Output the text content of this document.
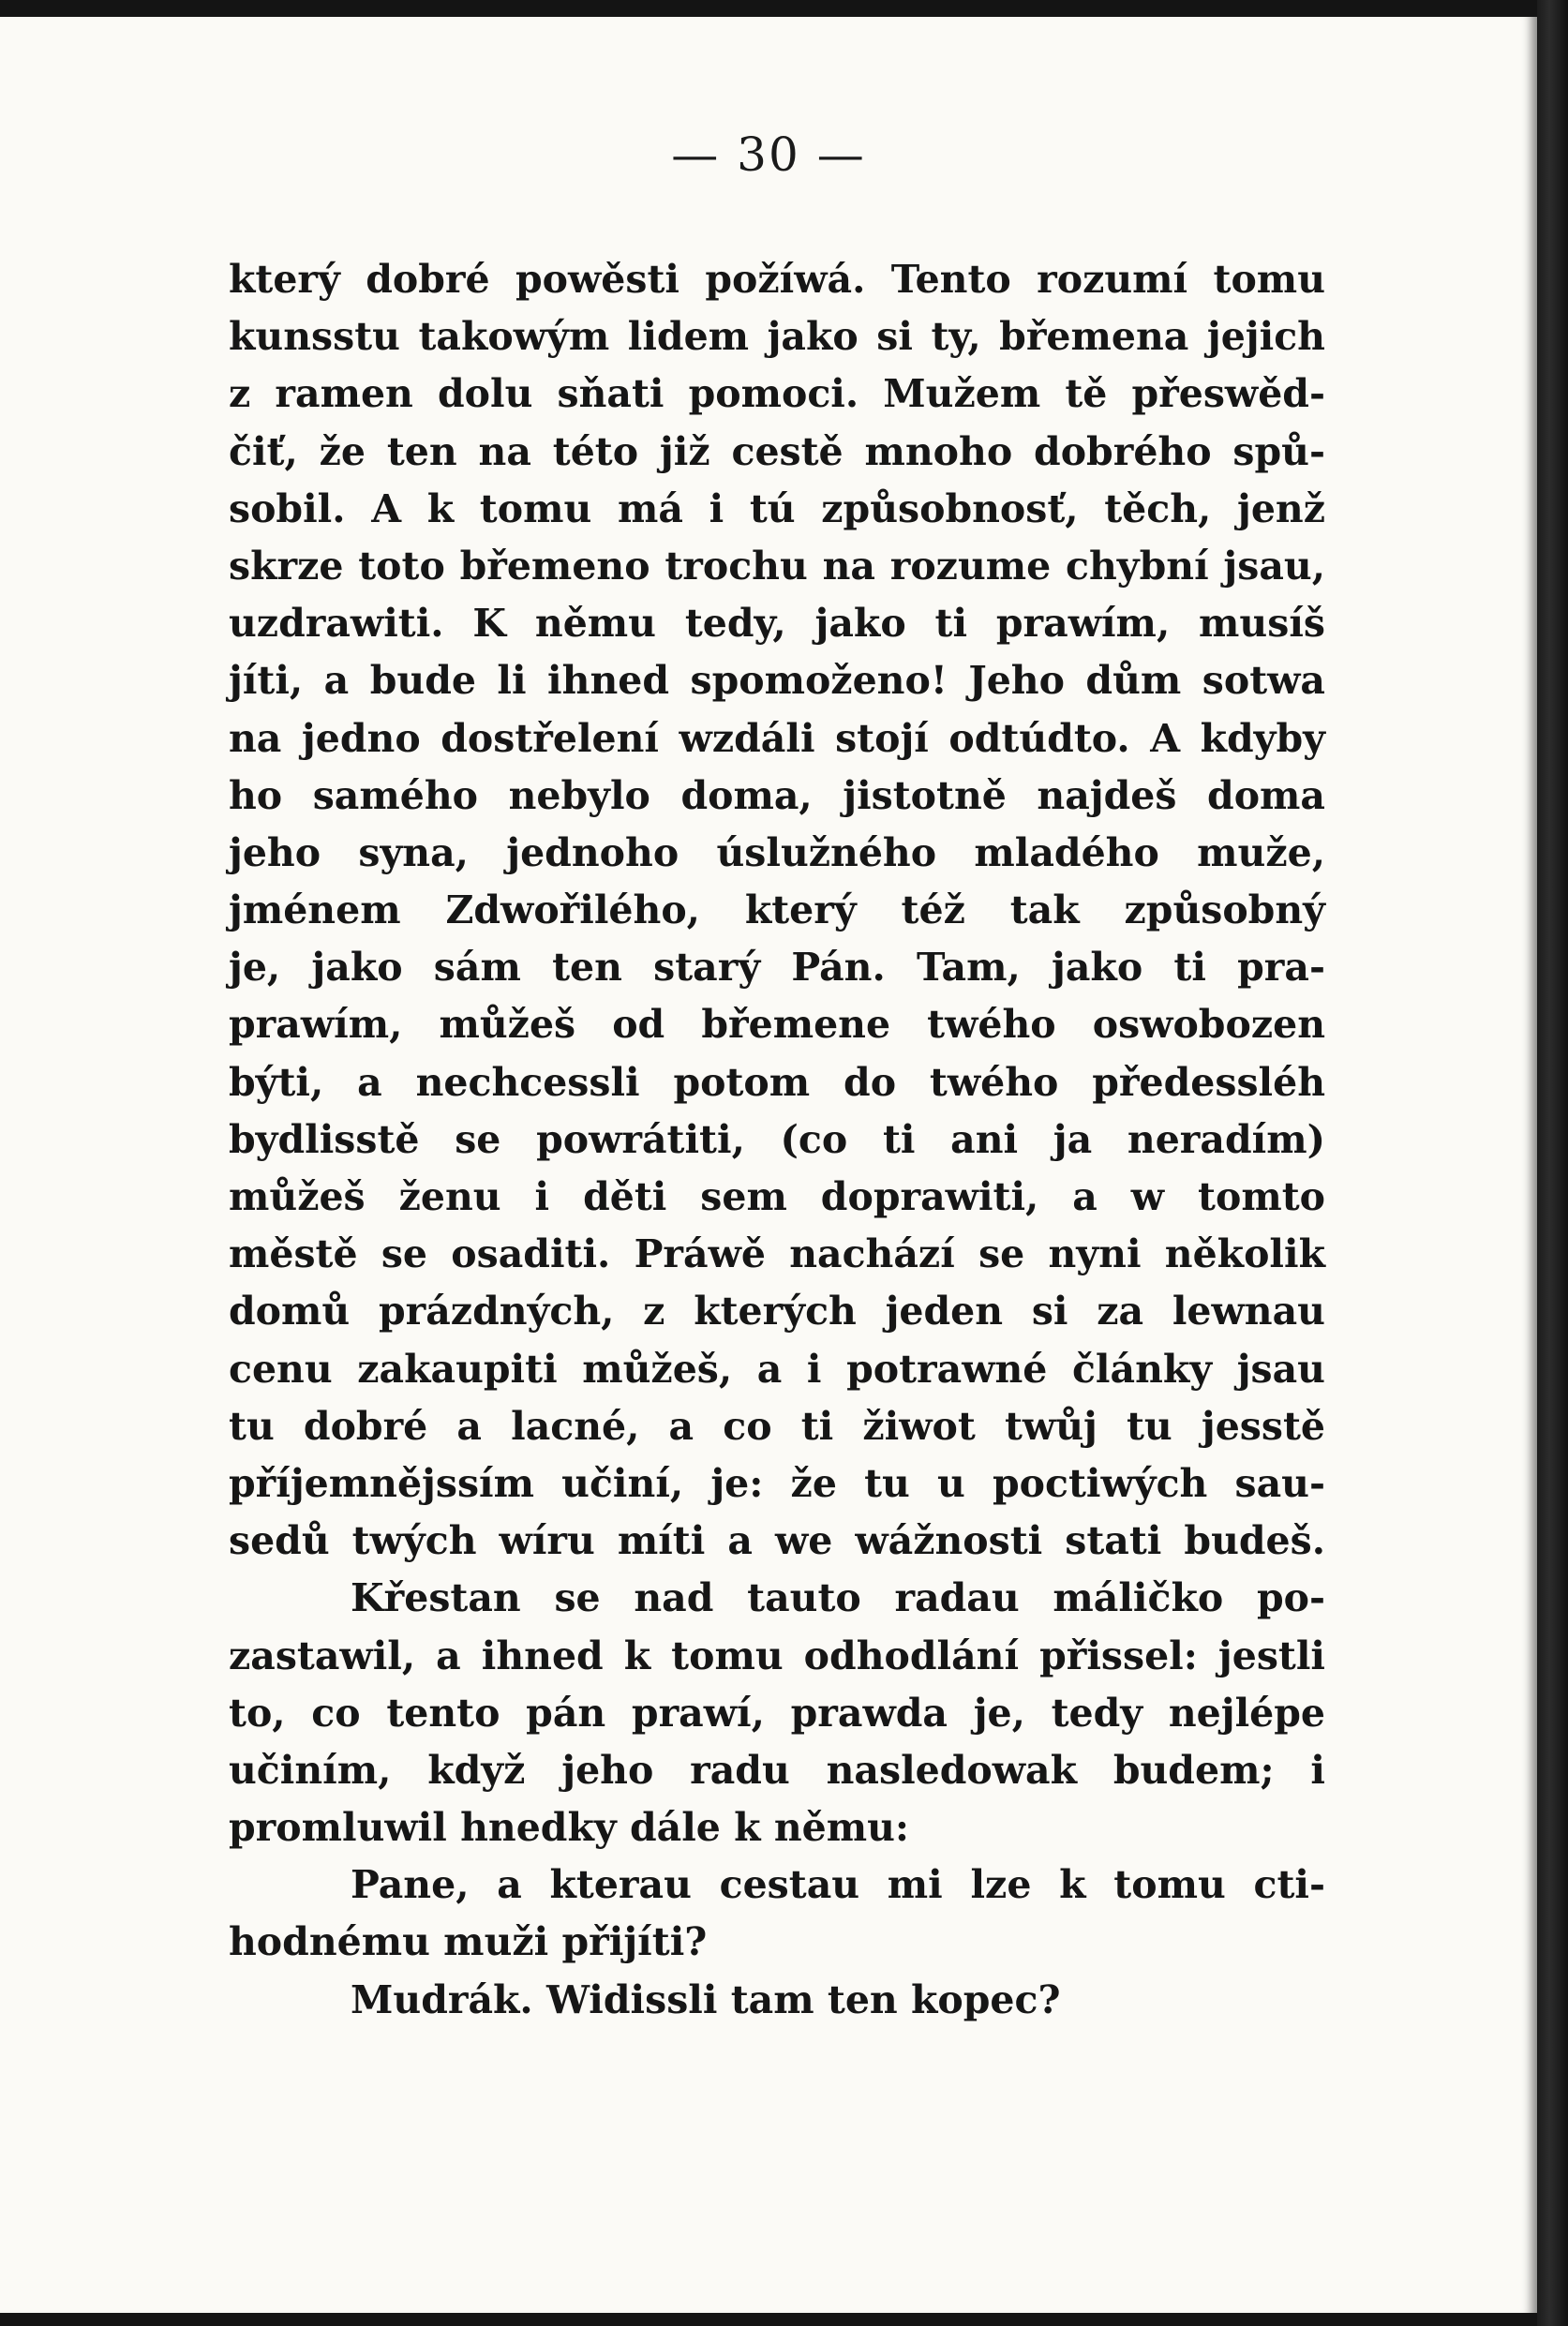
— 30 —
který dobré powěsti požíwá. Tento rozumí tomu
kunsstu takowým lidem jako si ty, břemena jejich
z ramen dolu sňati pomoci. Mužem tě přeswěd-
čiť, že ten na této již cestě mnoho dobrého spů-
sobil. A k tomu má i tú způsobnosť, těch, jenž
skrze toto břemeno trochu na rozume chybní jsau,
uzdrawiti. K němu tedy, jako ti prawím, musíš
jíti, a bude li ihned spomoženo! Jeho dům sotwa
na jedno dostřelení wzdáli stojí odtúdto. A kdyby
ho samého nebylo doma, jistotně najdeš doma
jeho syna, jednoho úslužného mladého muže,
jménem Zdwořilého, který též tak způsobný
je, jako sám ten starý Pán. Tam, jako ti pra-
prawím, můžeš od břemene twého oswobozen
býti, a nechcessli potom do twého předessléh
bydlisstě se powrátiti, (co ti ani ja neradím)
můžeš ženu i děti sem doprawiti, a w tomto
městě se osaditi. Práwě nachází se nyni několik
domů prázdných, z kterých jeden si za lewnau
cenu zakaupiti můžeš, a i potrawné články jsau
tu dobré a lacné, a co ti žiwot twůj tu jesstě
příjemnějssím učiní, je: že tu u poctiwých sau-
sedů twých wíru míti a we wážnosti stati budeš.
Křestan se nad tauto radau máličko po-
zastawil, a ihned k tomu odhodlání přissel: jestli
to, co tento pán prawí, prawda je, tedy nejlépe
učiním, když jeho radu nasledowak budem; i
promluwil hnedky dále k němu:
Pane, a kterau cestau mi lze k tomu cti-
hodnému muži přijíti?
Mudrák. Widissli tam ten kopec?
